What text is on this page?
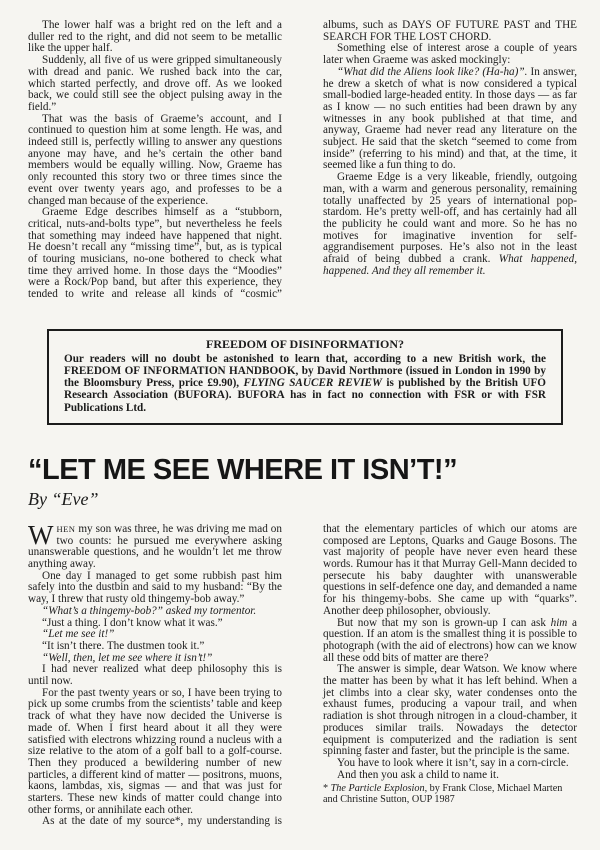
The lower half was a bright red on the left and a duller red to the right, and did not seem to be metallic like the upper half.

Suddenly, all five of us were gripped simultaneously with dread and panic. We rushed back into the car, which started perfectly, and drove off. As we looked back, we could still see the object pulsing away in the field.”

That was the basis of Graeme’s account, and I continued to question him at some length. He was, and indeed still is, perfectly willing to answer any questions anyone may have, and he’s certain the other band members would be equally willing. Now, Graeme has only recounted this story two or three times since the event over twenty years ago, and professes to be a changed man because of the experience.

Graeme Edge describes himself as a “stubborn, critical, nuts-and-bolts type”, but nevertheless he feels that something may indeed have happened that night. He doesn’t recall any “missing time”, but, as is typical of touring musicians, no-one bothered to check what time they arrived home. In those days the “Moodies” were a Rock/Pop band, but after this experience, they tended to write and release all kinds of “cosmic”

albums, such as DAYS OF FUTURE PAST and THE SEARCH FOR THE LOST CHORD.

Something else of interest arose a couple of years later when Graeme was asked mockingly:

“What did the Aliens look like? (Ha-ha)”. In answer, he drew a sketch of what is now considered a typical small-bodied large-headed entity. In those days — as far as I know — no such entities had been drawn by any witnesses in any book published at that time, and anyway, Graeme had never read any literature on the subject. He said that the sketch “seemed to come from inside” (referring to his mind) and that, at the time, it seemed like a fun thing to do.

Graeme Edge is a very likeable, friendly, outgoing man, with a warm and generous personality, remaining totally unaffected by 25 years of international pop-stardom. He’s pretty well-off, and has certainly had all the publicity he could want and more. So he has no motives for imaginative invention for self-aggrandisement purposes. He’s also not in the least afraid of being dubbed a crank. What happened, happened. And they all remember it.

FREEDOM OF DISINFORMATION?

Our readers will no doubt be astonished to learn that, according to a new British work, the FREEDOM OF INFORMATION HANDBOOK, by David Northmore (issued in London in 1990 by the Bloomsbury Press, price £9.90), FLYING SAUCER REVIEW is published by the British UFO Research Association (BUFORA). BUFORA has in fact no connection with FSR or with FSR Publications Ltd.

“LET ME SEE WHERE IT ISN’T!”
By “Eve”

WHEN my son was three, he was driving me mad on two counts: he pursued me everywhere asking unanswerable questions, and he wouldn’t let me throw anything away.

One day I managed to get some rubbish past him safely into the dustbin and said to my husband: “By the way, I threw that rusty old thingemy-bob away.”

“What’s a thingemy-bob?” asked my tormentor.

“Just a thing. I don’t know what it was.”

“Let me see it!”

“It isn’t there. The dustmen took it.”

“Well, then, let me see where it isn’t!”

I had never realized what deep philosophy this is until now.

For the past twenty years or so, I have been trying to pick up some crumbs from the scientists’ table and keep track of what they have now decided the Universe is made of. When I first heard about it all they were satisfied with electrons whizzing round a nucleus with a size relative to the atom of a golf ball to a golf-course. Then they produced a bewildering number of new particles, a different kind of matter — positrons, muons, kaons, lambdas, xis, sigmas — and that was just for starters. These new kinds of matter could change into other forms, or annihilate each other.

As at the date of my source*, my understanding is

that the elementary particles of which our atoms are composed are Leptons, Quarks and Gauge Bosons. The vast majority of people have never even heard these words. Rumour has it that Murray Gell-Mann decided to persecute his baby daughter with unanswerable questions in self-defence one day, and demanded a name for his thingemy-bobs. She came up with “quarks”. Another deep philosopher, obviously.

But now that my son is grown-up I can ask him a question. If an atom is the smallest thing it is possible to photograph (with the aid of electrons) how can we know all these odd bits of matter are there?

The answer is simple, dear Watson. We know where the matter has been by what it has left behind. When a jet climbs into a clear sky, water condenses onto the exhaust fumes, producing a vapour trail, and when radiation is shot through nitrogen in a cloud-chamber, it produces similar trails. Nowadays the detector equipment is computerized and the radiation is sent spinning faster and faster, but the principle is the same.

You have to look where it isn’t, say in a corn-circle.

And then you ask a child to name it.

* The Particle Explosion, by Frank Close, Michael Marten and Christine Sutton, OUP 1987
